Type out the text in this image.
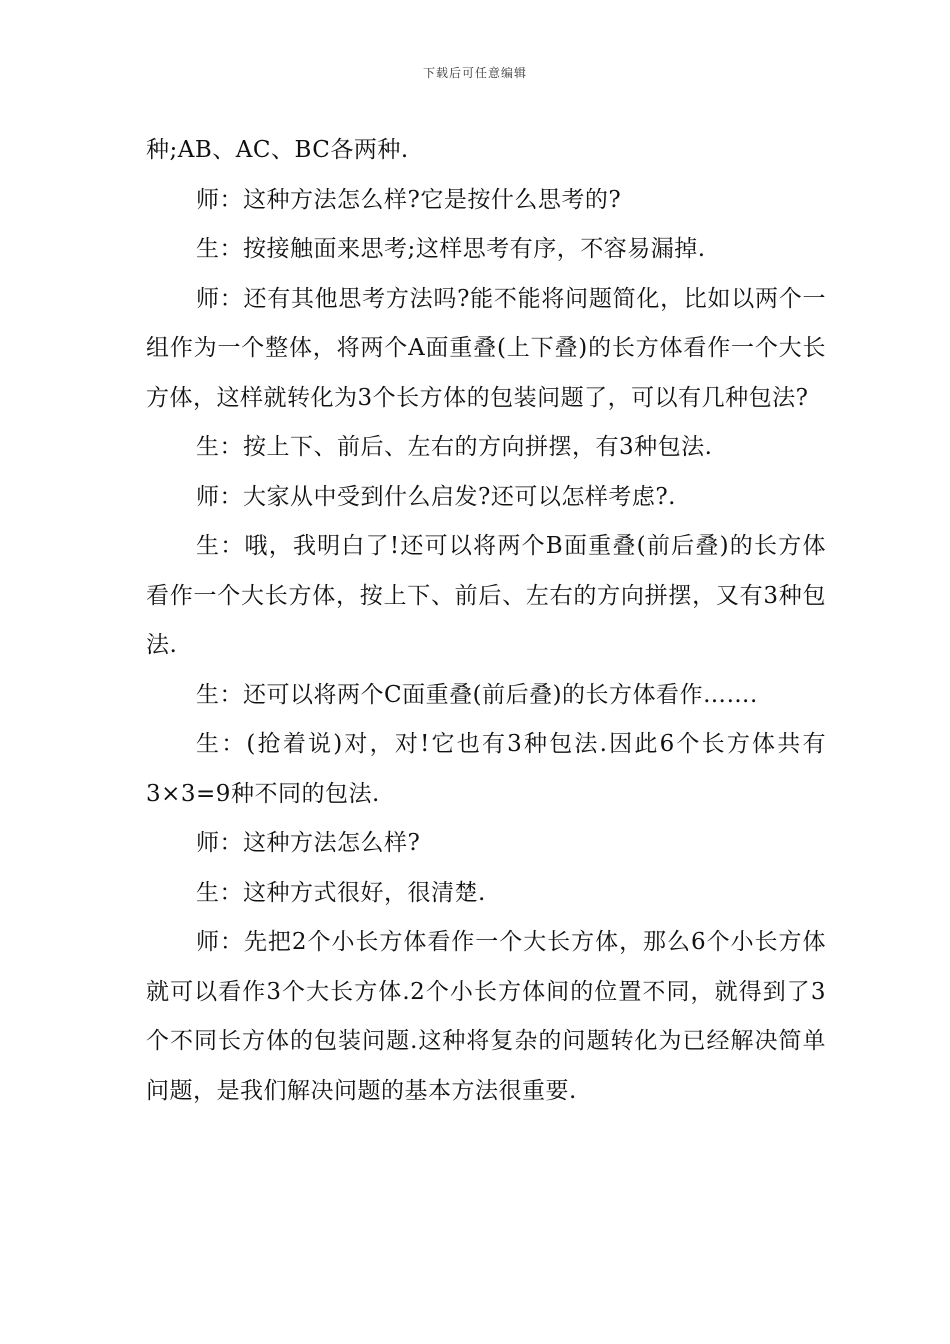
下载后可任意编辑

种;AB、AC、BC各两种.

师：这种方法怎么样?它是按什么思考的?

生：按接触面来思考;这样思考有序，不容易漏掉.

师：还有其他思考方法吗?能不能将问题简化，比如以两个一组作为一个整体，将两个A面重叠(上下叠)的长方体看作一个大长方体，这样就转化为3个长方体的包装问题了，可以有几种包法?

生：按上下、前后、左右的方向拼摆，有3种包法.

师：大家从中受到什么启发?还可以怎样考虑?.

生：哦，我明白了!还可以将两个B面重叠(前后叠)的长方体看作一个大长方体，按上下、前后、左右的方向拼摆，又有3种包法.

生：还可以将两个C面重叠(前后叠)的长方体看作…….

生：(抢着说)对，对!它也有3种包法.因此6个长方体共有3×3=9种不同的包法.

师：这种方法怎么样?

生：这种方式很好，很清楚.

师：先把2个小长方体看作一个大长方体，那么6个小长方体就可以看作3个大长方体.2个小长方体间的位置不同，就得到了3个不同长方体的包装问题.这种将复杂的问题转化为已经解决简单问题，是我们解决问题的基本方法很重要.
